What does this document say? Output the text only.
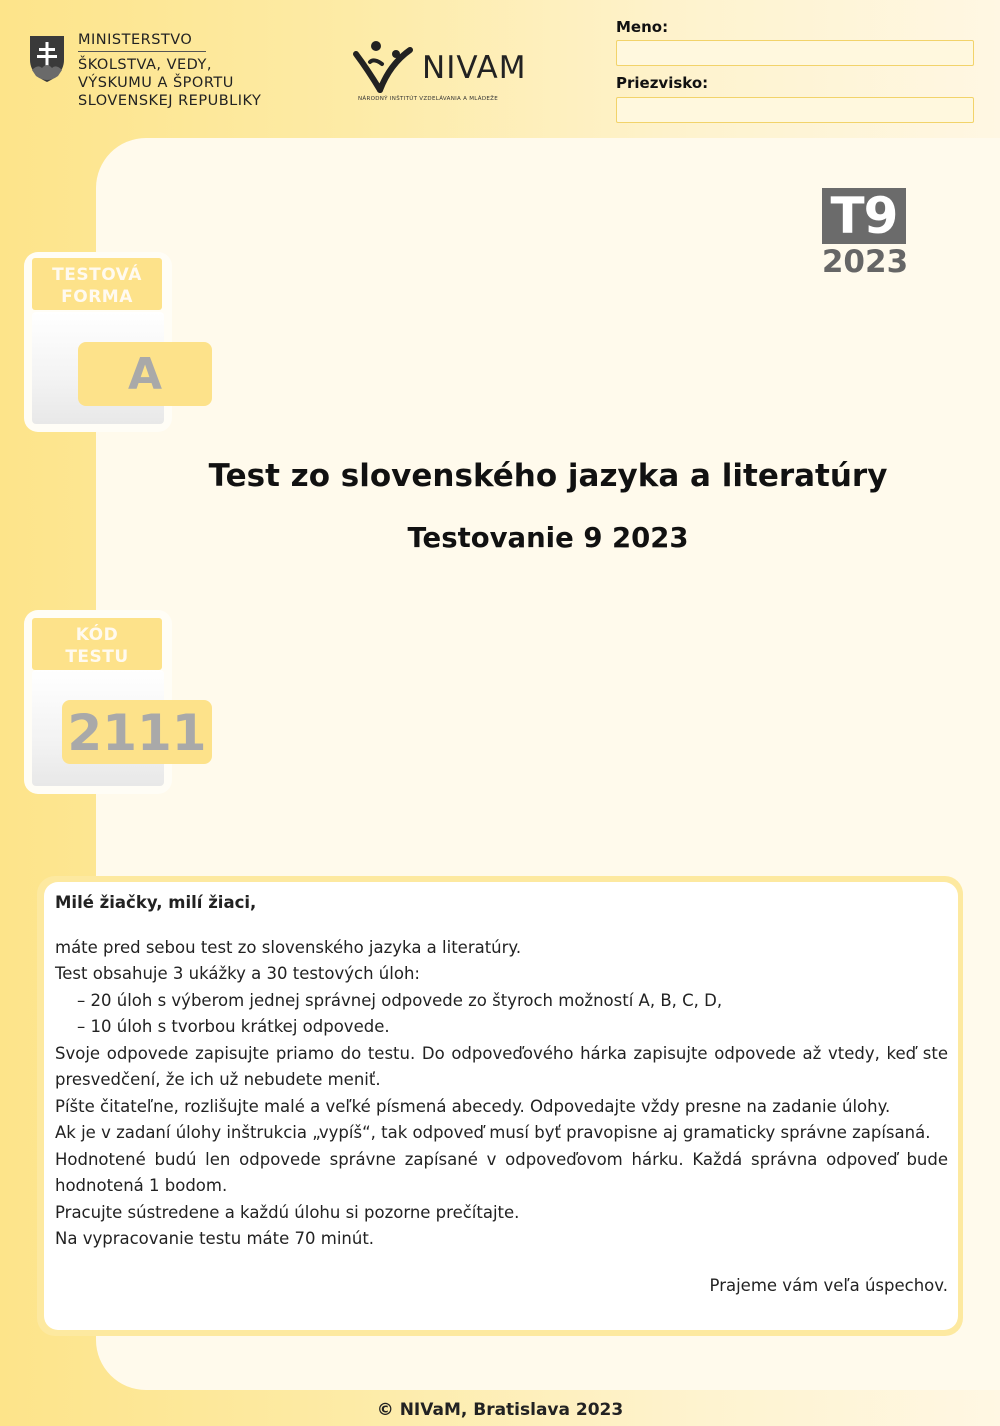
MINISTERSTVO
ŠKOLSTVA, VEDY,
VÝSKUMU A ŠPORTU
SLOVENSKEJ REPUBLIKY
NIVAM
NÁRODNÝ INŠTITÚT VZDELÁVANIA A MLÁDEŽE
Meno:
Priezvisko:
T9
2023
TESTOVÁ
FORMA
A
KÓD
TESTU
2111
Test zo slovenského jazyka a literatúry
Testovanie 9 2023

Milé žiačky, milí žiaci,

máte pred sebou test zo slovenského jazyka a literatúry.

Test obsahuje 3 ukážky a 30 testových úloh:

– 20 úloh s výberom jednej správnej odpovede zo štyroch možností A, B, C, D,

– 10 úloh s tvorbou krátkej odpovede.

Svoje odpovede zapisujte priamo do testu. Do odpoveďového hárka zapisujte odpovede až vtedy, keď ste presvedčení, že ich už nebudete meniť.

Píšte čitateľne, rozlišujte malé a veľké písmená abecedy. Odpovedajte vždy presne na zadanie úlohy.

Ak je v zadaní úlohy inštrukcia „vypíš“, tak odpoveď musí byť pravopisne aj gramaticky správne zapísaná.

Hodnotené budú len odpovede správne zapísané v odpoveďovom hárku. Každá správna odpoveď bude hodnotená 1 bodom.

Pracujte sústredene a každú úlohu si pozorne prečítajte.

Na vypracovanie testu máte 70 minút.

Prajeme vám veľa úspechov.

© NIVaM, Bratislava 2023
